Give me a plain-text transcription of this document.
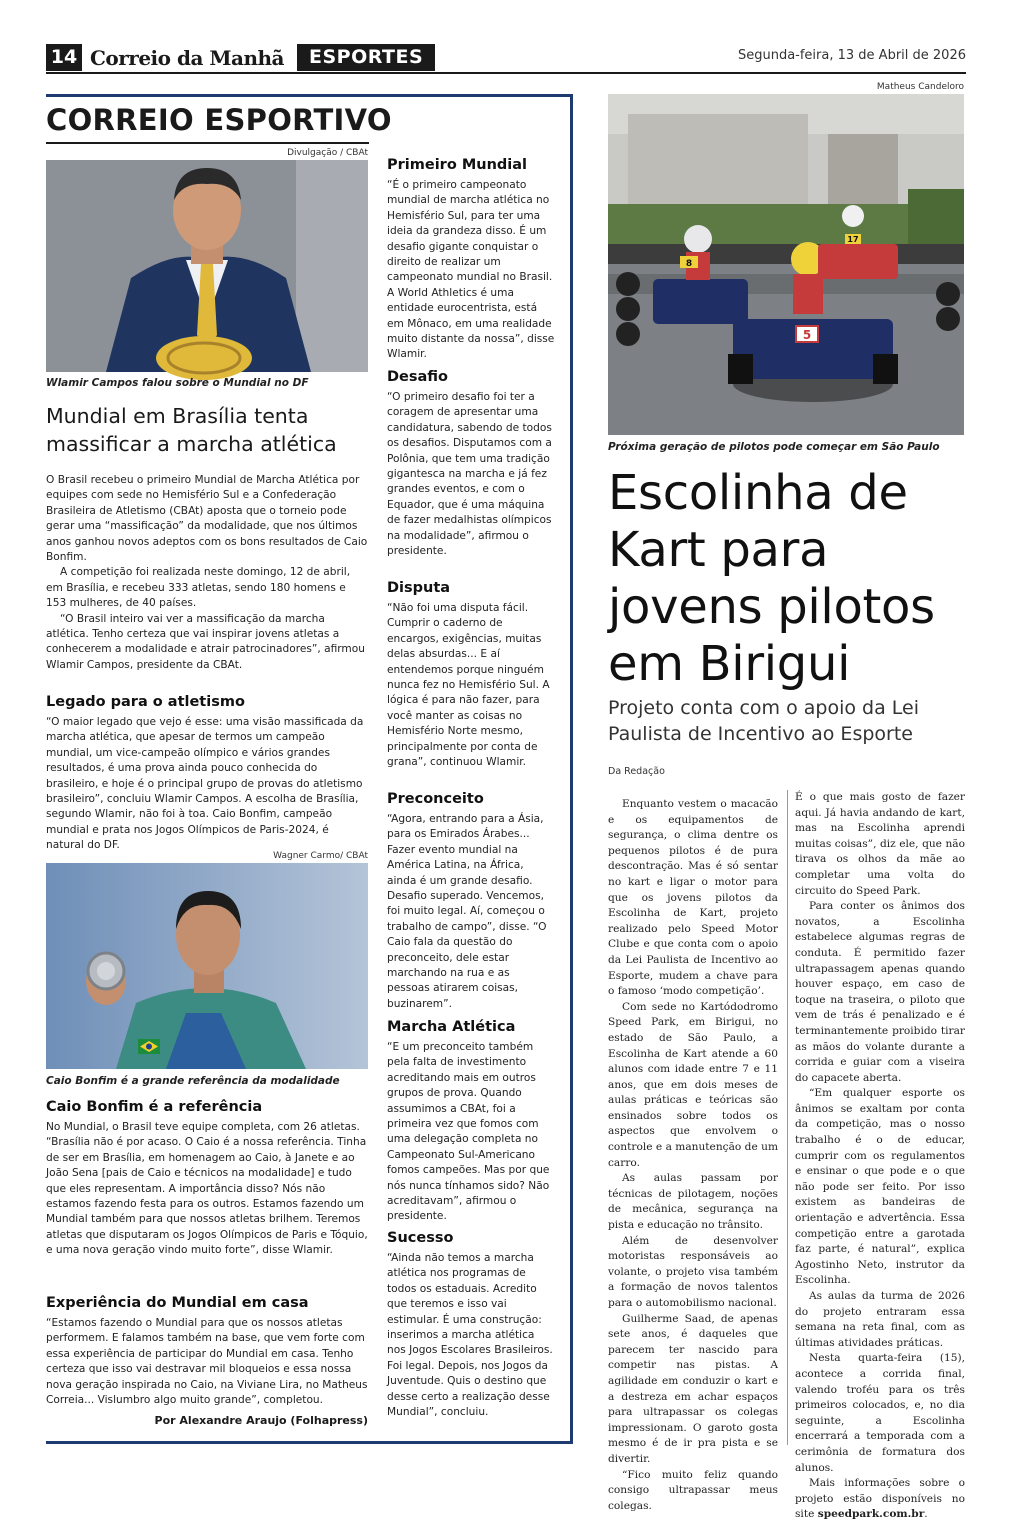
14 Correio da Manhã	ESPORTES	Segunda-feira, 13 de Abril de 2026
CORREIO ESPORTIVO
Divulgação / CBAt
Wlamir Campos falou sobre o Mundial no DF
Mundial em Brasília tenta massificar a marcha atlética

O Brasil recebeu o primeiro Mundial de Marcha Atlética por equipes com sede no Hemisfério Sul e a Confederação Brasileira de Atletismo (CBAt) aposta que o torneio pode gerar uma “massificação” da modalidade, que nos últimos anos ganhou novos adeptos com os bons resultados de Caio Bonfim.

A competição foi realizada neste domingo, 12 de abril, em Brasília, e recebeu 333 atletas, sendo 180 homens e 153 mulheres, de 40 países.

“O Brasil inteiro vai ver a massificação da marcha atlética. Tenho certeza que vai inspirar jovens atletas a conhecerem a modalidade e atrair patrocinadores”, afirmou Wlamir Campos, presidente da CBAt.

Legado para o atletismo
“O maior legado que vejo é esse: uma visão massificada da marcha atlética, que apesar de termos um campeão mundial, um vice-campeão olímpico e vários grandes resultados, é uma prova ainda pouco conhecida do brasileiro, e hoje é o principal grupo de provas do atletismo brasileiro”, concluiu Wlamir Campos. A escolha de Brasília, segundo Wlamir, não foi à toa. Caio Bonfim, campeão mundial e prata nos Jogos Olímpicos de Paris-2024, é natural do DF.
Wagner Carmo/ CBAt
Caio Bonfim é a grande referência da modalidade
Caio Bonfim é a referência
No Mundial, o Brasil teve equipe completa, com 26 atletas. “Brasília não é por acaso. O Caio é a nossa referência. Tinha de ser em Brasília, em homenagem ao Caio, à Janete e ao João Sena [pais de Caio e técnicos na modalidade] e tudo que eles representam. A importância disso? Nós não estamos fazendo festa para os outros. Estamos fazendo um Mundial também para que nossos atletas brilhem. Teremos atletas que disputaram os Jogos Olímpicos de Paris e Tóquio, e uma nova geração vindo muito forte”, disse Wlamir.
Experiência do Mundial em casa
“Estamos fazendo o Mundial para que os nossos atletas performem. E falamos também na base, que vem forte com essa experiência de participar do Mundial em casa. Tenho certeza que isso vai destravar mil bloqueios e essa nossa nova geração inspirada no Caio, na Viviane Lira, no Matheus Correia... Vislumbro algo muito grande”, completou.
Por Alexandre Araujo (Folhapress)
Primeiro Mundial
“É o primeiro campeonato mundial de marcha atlética no Hemisfério Sul, para ter uma ideia da grandeza disso. É um desafio gigante conquistar o direito de realizar um campeonato mundial no Brasil. A World Athletics é uma entidade eurocentrista, está em Mônaco, em uma realidade muito distante da nossa”, disse Wlamir.
Desafio
“O primeiro desafio foi ter a coragem de apresentar uma candidatura, sabendo de todos os desafios. Disputamos com a Polônia, que tem uma tradição gigantesca na marcha e já fez grandes eventos, e com o Equador, que é uma máquina de fazer medalhistas olímpicos na modalidade”, afirmou o presidente.
Disputa
“Não foi uma disputa fácil. Cumprir o caderno de encargos, exigências, muitas delas absurdas... E aí entendemos porque ninguém nunca fez no Hemisfério Sul. A lógica é para não fazer, para você manter as coisas no Hemisfério Norte mesmo, principalmente por conta de grana”, continuou Wlamir.
Preconceito
“Agora, entrando para a Ásia, para os Emirados Árabes... Fazer evento mundial na América Latina, na África, ainda é um grande desafio. Desafio superado. Vencemos, foi muito legal. Aí, começou o trabalho de campo”, disse. “O Caio fala da questão do preconceito, dele estar marchando na rua e as pessoas atirarem coisas, buzinarem”.
Marcha Atlética
“E um preconceito também pela falta de investimento acreditando mais em outros grupos de prova. Quando assumimos a CBAt, foi a primeira vez que fomos com uma delegação completa no Campeonato Sul-Americano fomos campeões. Mas por que nós nunca tínhamos sido? Não acreditavam”, afirmou o presidente.
Sucesso
“Ainda não temos a marcha atlética nos programas de todos os estaduais. Acredito que teremos e isso vai estimular. É uma construção: inserimos a marcha atlética nos Jogos Escolares Brasileiros. Foi legal. Depois, nos Jogos da Juventude. Quis o destino que desse certo a realização desse Mundial”, concluiu.
Matheus Candeloro
5
8
17
Próxima geração de pilotos pode começar em São Paulo
Escolinha de Kart para jovens pilotos em Birigui
Projeto conta com o apoio da Lei Paulista de Incentivo ao Esporte
Da Redação

Enquanto vestem o macacão e os equipamentos de segurança, o clima dentre os pequenos pilotos é de pura descontração. Mas é só sentar no kart e ligar o motor para que os jovens pilotos da Escolinha de Kart, projeto realizado pelo Speed Motor Clube e que conta com o apoio da Lei Paulista de Incentivo ao Esporte, mudem a chave para o famoso ‘modo competição’.

Com sede no Kartódodromo Speed Park, em Birigui, no estado de São Paulo, a Escolinha de Kart atende a 60 alunos com idade entre 7 e 11 anos, que em dois meses de aulas práticas e teóricas são ensinados sobre todos os aspectos que envolvem o controle e a manutenção de um carro.

As aulas passam por técnicas de pilotagem, noções de mecânica, segurança na pista e educação no trânsito.

Além de desenvolver motoristas responsáveis ao volante, o projeto visa também a formação de novos talentos para o automobilismo nacional.

Guilherme Saad, de apenas sete anos, é daqueles que parecem ter nascido para competir nas pistas. A agilidade em conduzir o kart e a destreza em achar espaços para ultrapassar os colegas impressionam. O garoto gosta mesmo é de ir pra pista e se divertir.

“Fico muito feliz quando consigo ultrapassar meus colegas.

É o que mais gosto de fazer aqui. Já havia andando de kart, mas na Escolinha aprendi muitas coisas”, diz ele, que não tirava os olhos da mãe ao completar uma volta do circuito do Speed Park.

Para conter os ânimos dos novatos, a Escolinha estabelece algumas regras de conduta. É permitido fazer ultrapassagem apenas quando houver espaço, em caso de toque na traseira, o piloto que vem de trás é penalizado e é terminantemente proibido tirar as mãos do volante durante a corrida e guiar com a viseira do capacete aberta.

“Em qualquer esporte os ânimos se exaltam por conta da competição, mas o nosso trabalho é o de educar, cumprir com os regulamentos e ensinar o que pode e o que não pode ser feito. Por isso existem as bandeiras de orientação e advertência. Essa competição entre a garotada faz parte, é natural”, explica Agostinho Neto, instrutor da Escolinha.

As aulas da turma de 2026 do projeto entraram essa semana na reta final, com as últimas atividades práticas.

Nesta quarta-feira (15), acontece a corrida final, valendo troféu para os três primeiros colocados, e, no dia seguinte, a Escolinha encerrará a temporada com a cerimônia de formatura dos alunos.

Mais informações sobre o projeto estão disponíveis no site speedpark.com.br.
